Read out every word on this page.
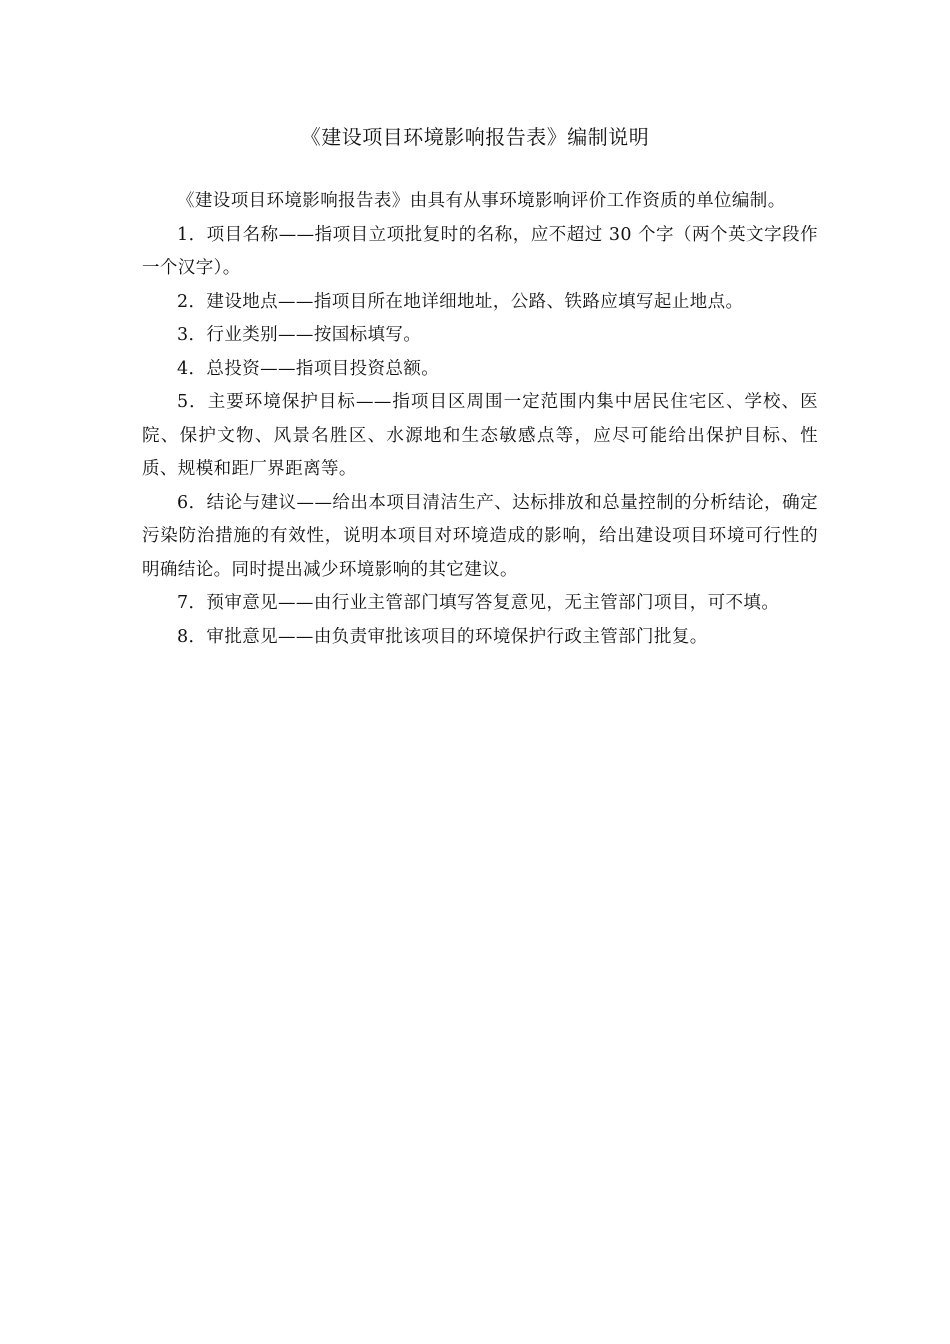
《建设项目环境影响报告表》编制说明

《建设项目环境影响报告表》由具有从事环境影响评价工作资质的单位编制。

1．项目名称——指项目立项批复时的名称，应不超过 30 个字（两个英文字段作一个汉字）。

2．建设地点——指项目所在地详细地址，公路、铁路应填写起止地点。

3．行业类别——按国标填写。

4．总投资——指项目投资总额。

5．主要环境保护目标——指项目区周围一定范围内集中居民住宅区、学校、医院、保护文物、风景名胜区、水源地和生态敏感点等，应尽可能给出保护目标、性质、规模和距厂界距离等。

6．结论与建议——给出本项目清洁生产、达标排放和总量控制的分析结论，确定污染防治措施的有效性，说明本项目对环境造成的影响，给出建设项目环境可行性的明确结论。同时提出减少环境影响的其它建议。

7．预审意见——由行业主管部门填写答复意见，无主管部门项目，可不填。

8．审批意见——由负责审批该项目的环境保护行政主管部门批复。
